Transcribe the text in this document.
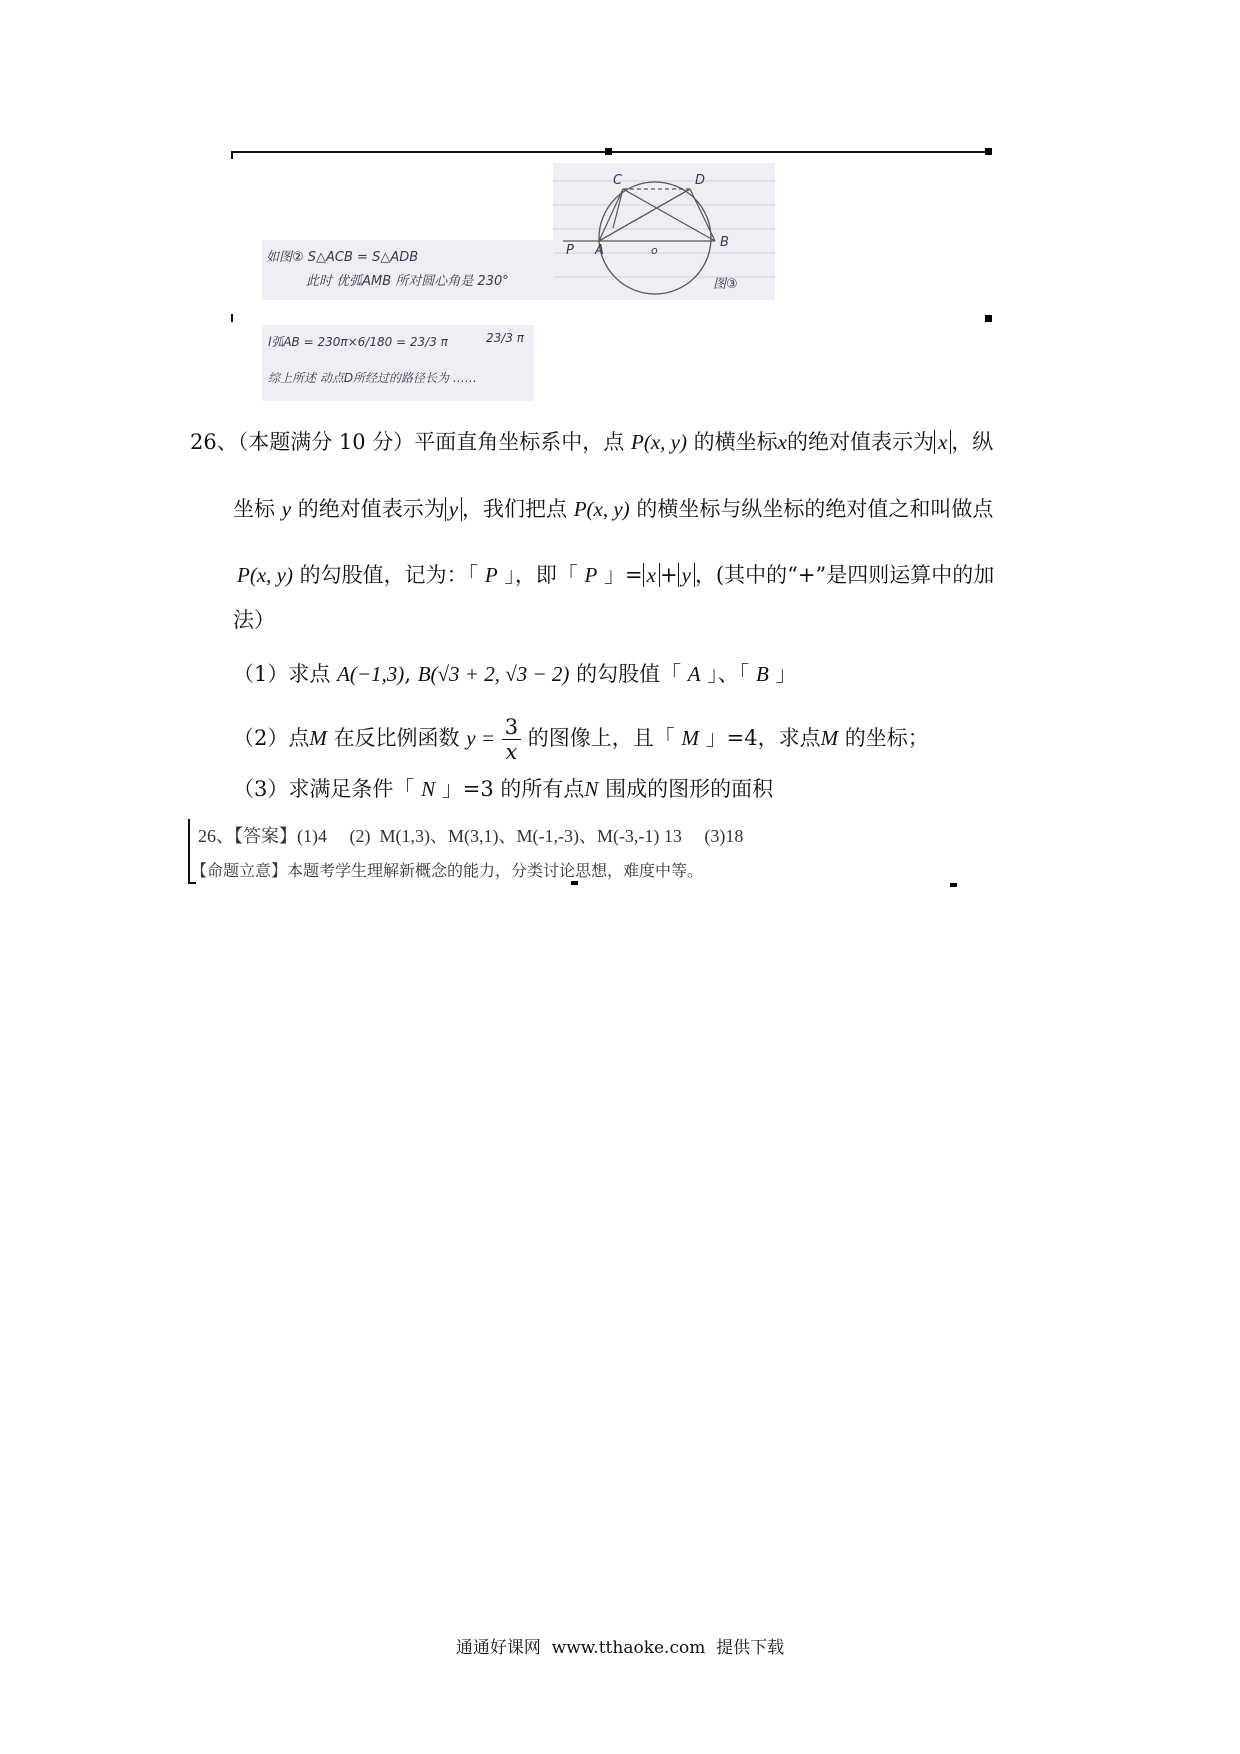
C	D
P A	o
B
图③
如图② S△ACB = S△ADB
此时 优弧AMB 所对圆心角是 230°
l弧AB = 230π×6/180 = 23/3 π	23/3 π
综上所述 动点D所经过的路径长为 ……
26、（本题满分 10 分）平面直角坐标系中，点 P(x, y) 的横坐标x的绝对值表示为 x ，纵
坐标 y 的绝对值表示为 y ，我们把点 P(x, y) 的横坐标与纵坐标的绝对值之和叫做点
P(x, y) 的勾股值，记为：「 P 」，即「 P 」= x + y ，(其中的“+”是四则运算中的加
法）
（1）求点 A(−1,3), B(√3 + 2, √3 − 2) 的勾股值「 A 」、「 B 」
（2）点M 在反比例函数 $y = \frac{3}{x}$ 的图像上，且「 M 」=4，求点M 的坐标；
（3）求满足条件「 N 」=3 的所有点N 围成的图形的面积
26、【答案】(1)4     (2)  M(1,3)、M(3,1)、M(-1,-3)、M(-3,-1) 13     (3)18
【命题立意】本题考学生理解新概念的能力，分类讨论思想，难度中等。
通通好课网  www.tthaoke.com  提供下载
